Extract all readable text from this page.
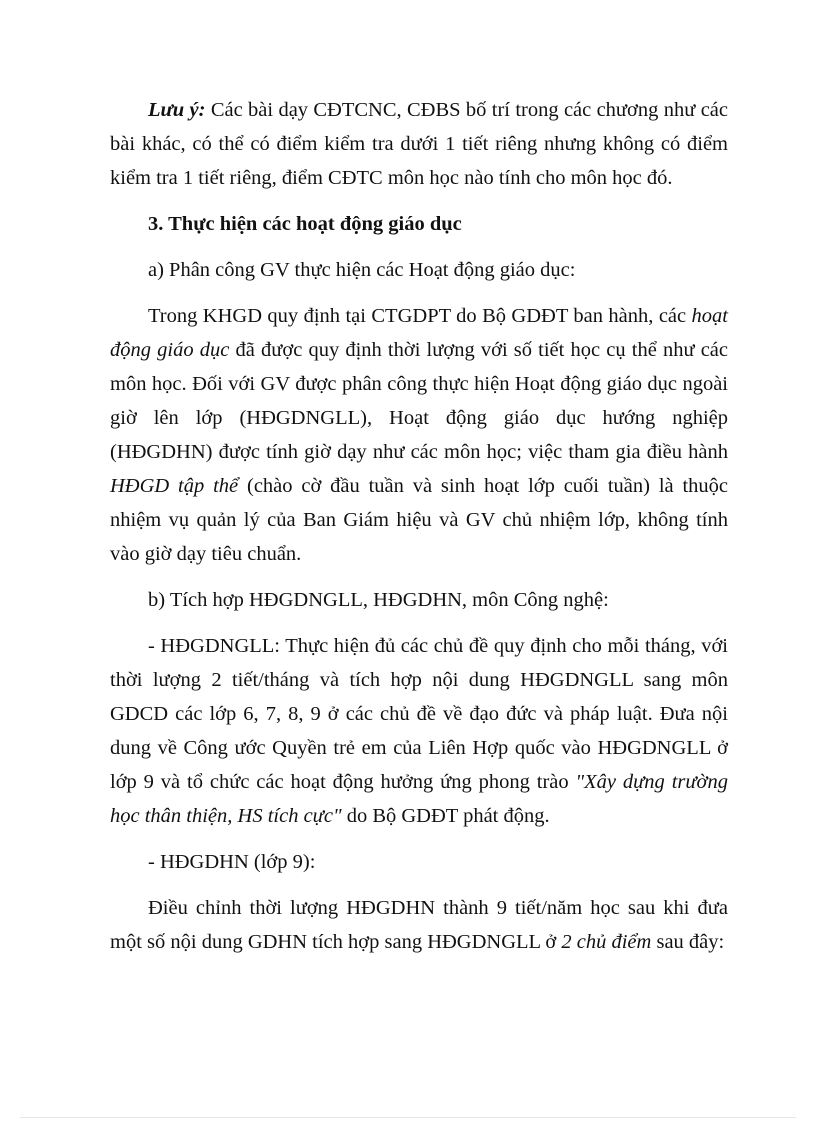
Lưu ý: Các bài dạy CĐTCNC, CĐBS bố trí trong các chương như các bài khác, có thể có điểm kiểm tra dưới 1 tiết riêng nhưng không có điểm kiểm tra 1 tiết riêng, điểm CĐTC môn học nào tính cho môn học đó.

3. Thực hiện các hoạt động giáo dục

a) Phân công GV thực hiện các Hoạt động giáo dục:

Trong KHGD quy định tại CTGDPT do Bộ GDĐT ban hành, các hoạt động giáo dục đã được quy định thời lượng với số tiết học cụ thể như các môn học. Đối với GV được phân công thực hiện Hoạt động giáo dục ngoài giờ lên lớp (HĐGDNGLL), Hoạt động giáo dục hướng nghiệp (HĐGDHN) được tính giờ dạy như các môn học; việc tham gia điều hành HĐGD tập thể (chào cờ đầu tuần và sinh hoạt lớp cuối tuần) là thuộc nhiệm vụ quản lý của Ban Giám hiệu và GV chủ nhiệm lớp, không tính vào giờ dạy tiêu chuẩn.

b) Tích hợp HĐGDNGLL, HĐGDHN, môn Công nghệ:

- HĐGDNGLL: Thực hiện đủ các chủ đề quy định cho mỗi tháng, với thời lượng 2 tiết/tháng và tích hợp nội dung HĐGDNGLL sang môn GDCD các lớp 6, 7, 8, 9 ở các chủ đề về đạo đức và pháp luật. Đưa nội dung về Công ước Quyền trẻ em của Liên Hợp quốc vào HĐGDNGLL ở lớp 9 và tổ chức các hoạt động hưởng ứng phong trào "Xây dựng trường học thân thiện, HS tích cực" do Bộ GDĐT phát động.

- HĐGDHN (lớp 9):

Điều chỉnh thời lượng HĐGDHN thành 9 tiết/năm học sau khi đưa một số nội dung GDHN tích hợp sang HĐGDNGLL ở 2 chủ điểm sau đây:
